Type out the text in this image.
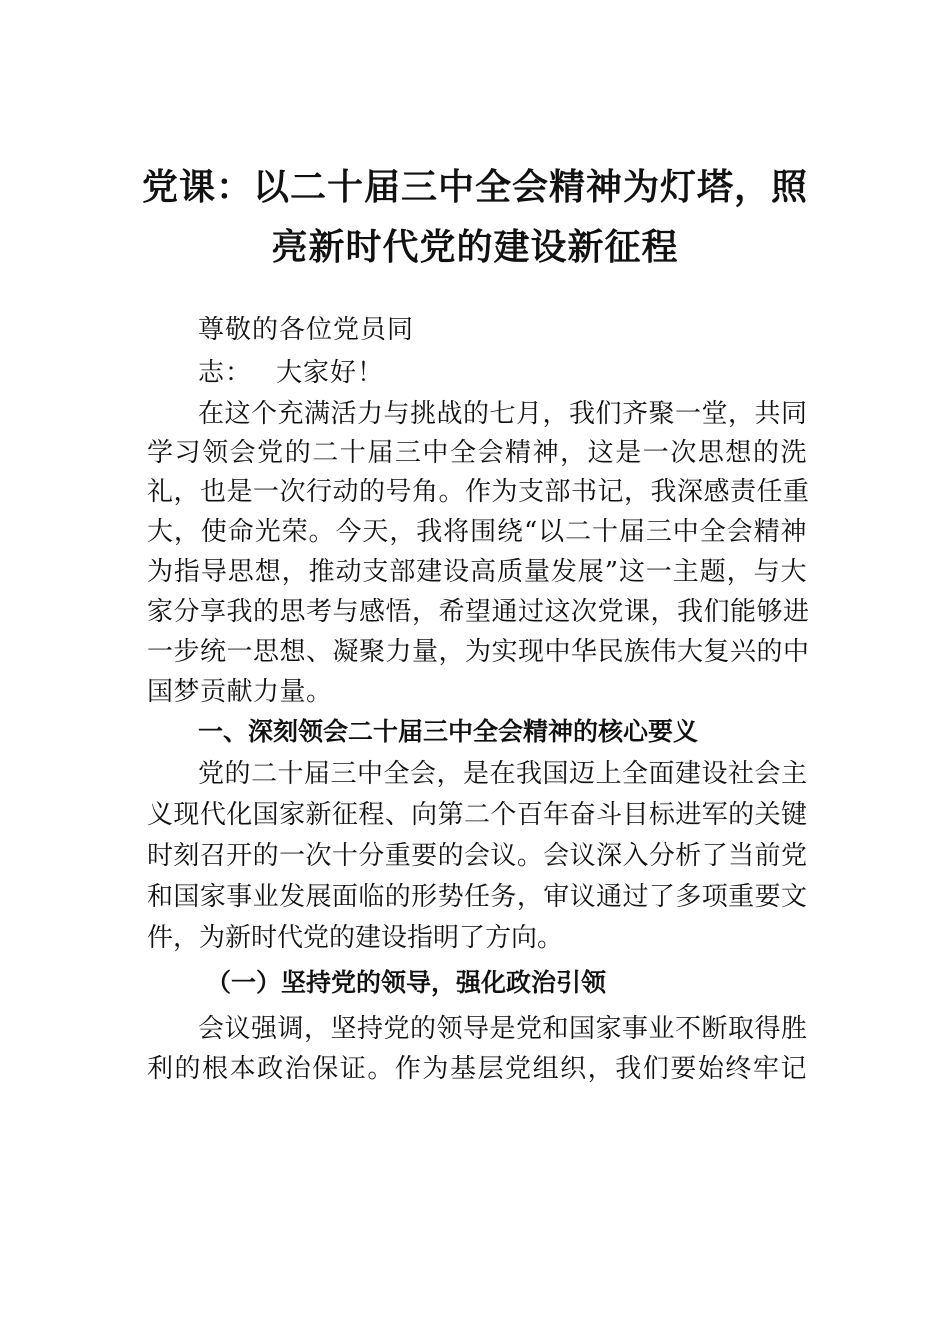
党课：以二十届三中全会精神为灯塔，照
亮新时代党的建设新征程
尊敬的各位党员同
志： 大家好！
在这个充满活力与挑战的七月，我们齐聚一堂，共同
学习领会党的二十届三中全会精神，这是一次思想的洗
礼，也是一次行动的号角。作为支部书记，我深感责任重
大，使命光荣。今天，我将围绕“以二十届三中全会精神
为指导思想，推动支部建设高质量发展”这一主题，与大
家分享我的思考与感悟，希望通过这次党课，我们能够进
一步统一思想、凝聚力量，为实现中华民族伟大复兴的中
国梦贡献力量。
一、深刻领会二十届三中全会精神的核心要义
党的二十届三中全会，是在我国迈上全面建设社会主
义现代化国家新征程、向第二个百年奋斗目标进军的关键
时刻召开的一次十分重要的会议。会议深入分析了当前党
和国家事业发展面临的形势任务，审议通过了多项重要文
件，为新时代党的建设指明了方向。
（一）坚持党的领导，强化政治引领
会议强调，坚持党的领导是党和国家事业不断取得胜
利的根本政治保证。作为基层党组织，我们要始终牢记
